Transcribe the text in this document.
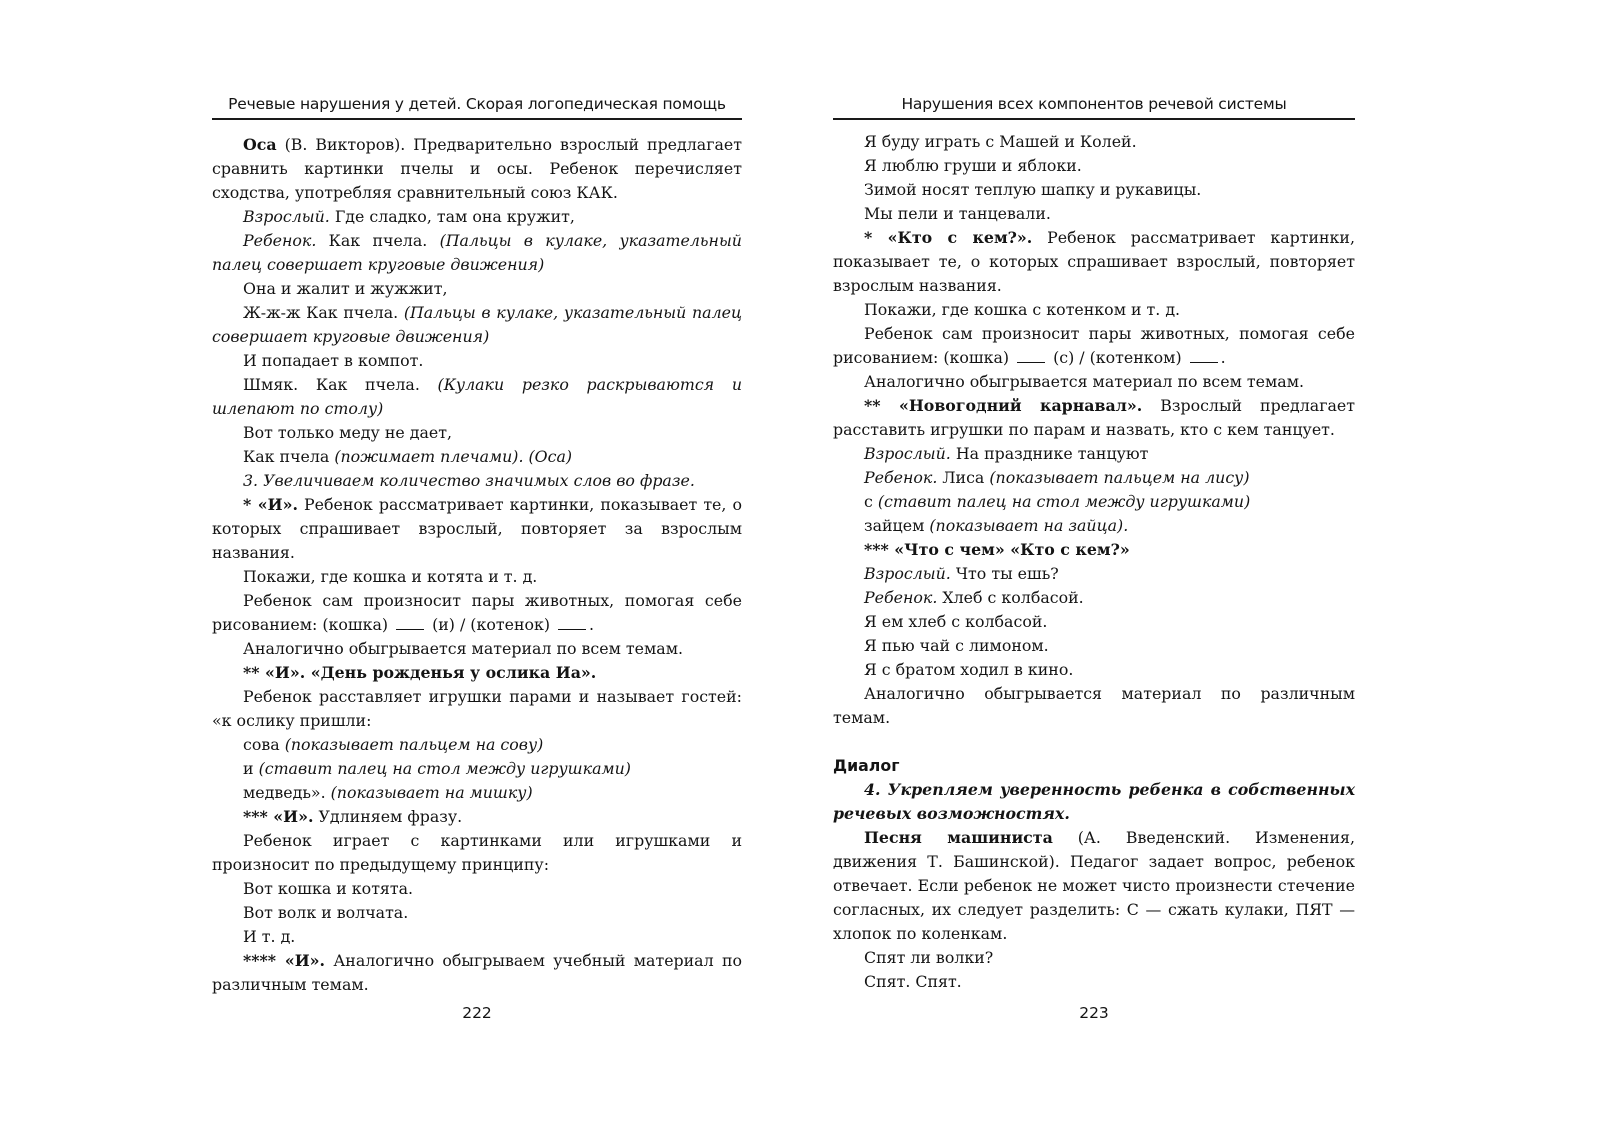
Речевые нарушения у детей. Скорая логопедическая помощь

Оса (В. Викторов). Предварительно взрослый предлагает сравнить картинки пчелы и осы. Ребенок перечисляет сходства, употребляя сравнительный союз КАК.

Взрослый. Где сладко, там она кружит,

Ребенок. Как пчела. (Пальцы в кулаке, указательный палец совершает круговые движения)

Она и жалит и жужжит,

Ж-ж-ж Как пчела. (Пальцы в кулаке, указательный палец совершает круговые движения)

И попадает в компот.

Шмяк. Как пчела. (Кулаки резко раскрываются и шлепают по столу)

Вот только меду не дает,

Как пчела (пожимает плечами). (Оса)

3. Увеличиваем количество значимых слов во фразе.

* «И». Ребенок рассматривает картинки, показывает те, о которых спрашивает взрослый, повторяет за взрослым названия.

Покажи, где кошка и котята и т. д.

Ребенок сам произносит пары животных, помогая себе рисованием: (кошка)  (и) / (котенок) .

Аналогично обыгрывается материал по всем темам.

** «И». «День рожденья у ослика Иа».

Ребенок расставляет игрушки парами и называет гостей: «к ослику пришли:

сова (показывает пальцем на сову)

и (ставит палец на стол между игрушками)

медведь». (показывает на мишку)

*** «И». Удлиняем фразу.

Ребенок играет с картинками или игрушками и произносит по предыдущему принципу:

Вот кошка и котята.

Вот волк и волчата.

И т. д.

**** «И». Аналогично обыгрываем учебный материал по различным темам.

222
Нарушения всех компонентов речевой системы

Я буду играть с Машей и Колей.

Я люблю груши и яблоки.

Зимой носят теплую шапку и рукавицы.

Мы пели и танцевали.

* «Кто с кем?». Ребенок рассматривает картинки, показывает те, о которых спрашивает взрослый, повторяет взрослым названия.

Покажи, где кошка с котенком и т. д.

Ребенок сам произносит пары животных, помогая себе рисованием: (кошка)  (с) / (котенком) .

Аналогично обыгрывается материал по всем темам.

** «Новогодний карнавал». Взрослый предлагает расставить игрушки по парам и назвать, кто с кем танцует.

Взрослый. На празднике танцуют

Ребенок. Лиса (показывает пальцем на лису)

с (ставит палец на стол между игрушками)

зайцем (показывает на зайца).

*** «Что с чем» «Кто с кем?»

Взрослый. Что ты ешь?

Ребенок. Хлеб с колбасой.

Я ем хлеб с колбасой.

Я пью чай с лимоном.

Я с братом ходил в кино.

Аналогично обыгрывается материал по различным темам.

Диалог

4. Укрепляем уверенность ребенка в собственных речевых возможностях.

Песня машиниста (А. Введенский. Изменения, движения Т. Башинской). Педагог задает вопрос, ребенок отвечает. Если ребенок не может чисто произнести стечение согласных, их следует разделить: С — сжать кулаки, ПЯТ — хлопок по коленкам.

Спят ли волки?

Спят. Спят.

223
